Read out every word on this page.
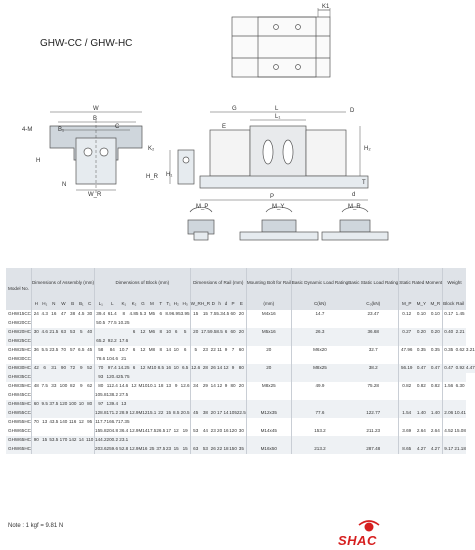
K1
W
B
B₁	C
4-M
N
W_R
H
K₂
H_R H₁
G
E
L
L₁
D
H₂
T
d
P
M_P	M_Y	M_R
GHW-CC / GHW-HC
Model No.	Dimensions of Assembly (mm)							Dimensions of Block (mm)										Dimensions of Rail (mm)							Mounting Bolt for Rail	Basic Dynamic Load Rating	Basic Static Load Rating	Static Rated Moment			Weight		
	H	H₁	N	W	B	B₁	C	L₁	L	K₁	K₂	G	M	T	T₁	H₂	H₃	W_R	H_R	D	h	d	P	E	(mm)	C(kN)	C₀(kN)	M_P	M_Y	M_R	Block	Rail	
GHW15CC	24	4.3	16	47	38	4.5	30	39.4	61.4	8	4.85	5.3	M5	6	8.9	6.95	3.95	15	15	7.5	5.3	4.5	60	20	M4x16	14.7	23.47	0.12	0.10	0.10	0.17	1.45	
GHW20CC								50.5	77.5	10.25																							
GHW20HC	30	4.6	21.5	63	53	5	40				6	12	M6	8	10	6	5	20	17.5	9.5	8.5	6	60	20	M5x16	26.3	36.68	0.27	0.20	0.20	0.40	2.21	
GHW25CC								65.2	92.2	17.6																							
GHW25HC	36	5.5	23.5	70	57	6.5	45	58	84	10.7	6	12	M8	8	14	10	6	5	23	22	11	9	7	60	20	M6x20	32.7	47.96	0.35	0.35	0.35	0.62	3.21
GHW30CC								78.6	104.6	21																							
GHW30HC	42	6	31	90	72	9	52	70	97.4	14.25	6	12	M10	8.5	16	10	6.5	12.6	28	26	14	12	9	80	20	M8x25	38.2	56.19	0.47	0.47	0.47	0.92	4.47
GHW35CC								93	120.4	25.75																							
GHW35HC	48	7.5	33	100	82	9	62	80	112.4	14.6	12	M10	10.1	18	13	9	12.6	34	29	14	12	9	80	20	M8x25	49.9	75.28	0.82	0.82	0.82	1.56	6.30	
GHW45CC								105.8	138.2	27.5																							
GHW45HC	60	9.5	37.5	120	100	10	80	97	139.4	13																							
GHW55CC								128.8	171.2	28.9	12.9	M12	15.1	22	15	8.5	20.5	45	38	20	17	14	105	22.5	M12x35	77.6	122.77	1.54	1.40	1.40	2.06	10.41	
GHW55HC	70	13	43.5	140	116	12	95	117.7	166.7	17.35																							
GHW65CC								155.8	204.8	36.4	12.9	M14	17.5	26.5	17	12	19	53	44	23	20	16	120	30	M14x45	153.2	211.23	3.69	2.64	2.64	4.52	15.08	
GHW65HC	90	15	53.5	170	142	14	110	144.2	200.2	23.1																							
GHW65HC								203.6	259.6	52.8	12.9	M16	25	37.5	23	15	15	63	53	26	22	18	150	35	M16x50	213.2	287.48	8.65	4.27	4.27	9.17	21.18	
Note : 1 kgf = 9.81 N
SHAC
